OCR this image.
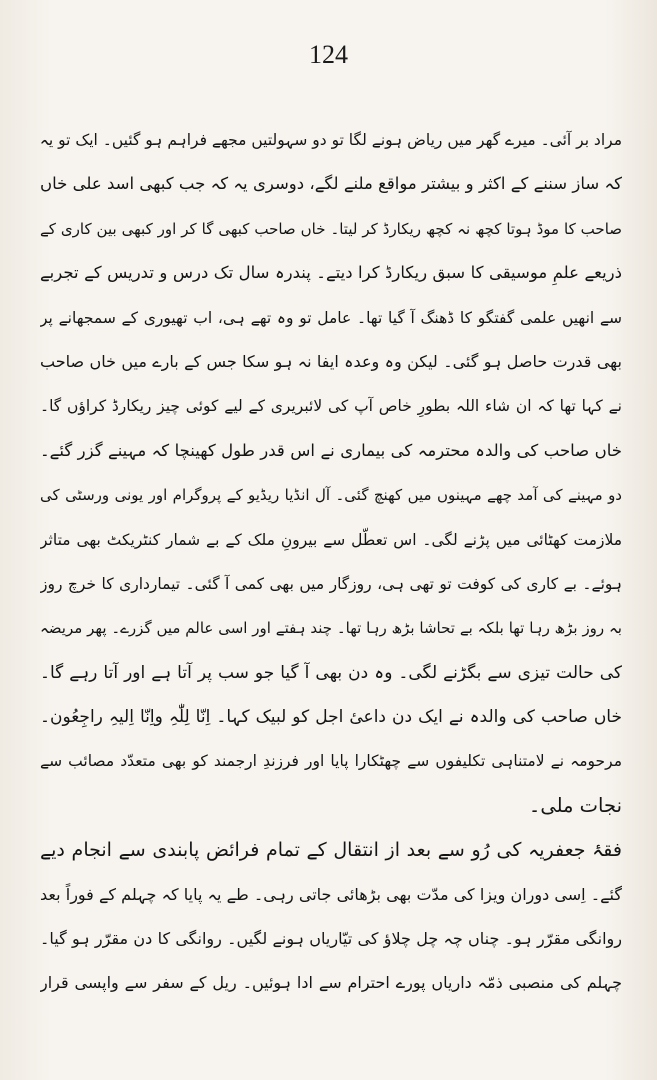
124
مراد بر آئی۔ میرے گھر میں ریاض ہونے لگا تو دو سہولتیں مجھے فراہم ہو گئیں۔ ایک تو یہ
کہ ساز سننے کے اکثر و بیشتر مواقع ملنے لگے، دوسری یہ کہ جب کبھی اسد علی خاں
صاحب کا موڈ ہوتا کچھ نہ کچھ ریکارڈ کر لیتا۔ خاں صاحب کبھی گا کر اور کبھی بین کاری کے
ذریعے علمِ موسیقی کا سبق ریکارڈ کرا دیتے۔ پندرہ سال تک درس و تدریس کے تجربے
سے انھیں علمی گفتگو کا ڈھنگ آ گیا تھا۔ عامل تو وہ تھے ہی، اب تھیوری کے سمجھانے پر
بھی قدرت حاصل ہو گئی۔ لیکن وہ وعدہ ایفا نہ ہو سکا جس کے بارے میں خاں صاحب
نے کہا تھا کہ ان شاء اللہ بطورِ خاص آپ کی لائبریری کے لیے کوئی چیز ریکارڈ کراؤں گا۔
خاں صاحب کی والدہ محترمہ کی بیماری نے اس قدر طول کھینچا کہ مہینے گزر گئے۔
دو مہینے کی آمد چھے مہینوں میں کھنچ گئی۔ آل انڈیا ریڈیو کے پروگرام اور یونی ورسٹی کی
ملازمت کھٹائی میں پڑنے لگی۔ اس تعطّل سے بیرونِ ملک کے بے شمار کنٹریکٹ بھی متاثر
ہوئے۔ بے کاری کی کوفت تو تھی ہی، روزگار میں بھی کمی آ گئی۔ تیمارداری کا خرچ روز
بہ روز بڑھ رہا تھا بلکہ بے تحاشا بڑھ رہا تھا۔ چند ہفتے اور اسی عالم میں گزرے۔ پھر مریضہ
کی حالت تیزی سے بگڑنے لگی۔ وہ دن بھی آ گیا جو سب پر آتا ہے اور آتا رہے گا۔
خاں صاحب کی والدہ نے ایک دن داعیٔ اجل کو لبیک کہا۔ اِنّا لِلّٰہِ واِنّا اِلیہِ راجِعُون۔
مرحومہ نے لامتناہی تکلیفوں سے چھٹکارا پایا اور فرزندِ ارجمند کو بھی متعدّد مصائب سے
نجات ملی۔
فقۂ جعفریہ کی رُو سے بعد از انتقال کے تمام فرائض پابندی سے انجام دیے
گئے۔ اِسی دوران ویزا کی مدّت بھی بڑھائی جاتی رہی۔ طے یہ پایا کہ چہلم کے فوراً بعد
روانگی مقرّر ہو۔ چناں چہ چل چلاؤ کی تیّاریاں ہونے لگیں۔ روانگی کا دن مقرّر ہو گیا۔
چہلم کی منصبی ذمّہ داریاں پورے احترام سے ادا ہوئیں۔ ریل کے سفر سے واپسی قرار
